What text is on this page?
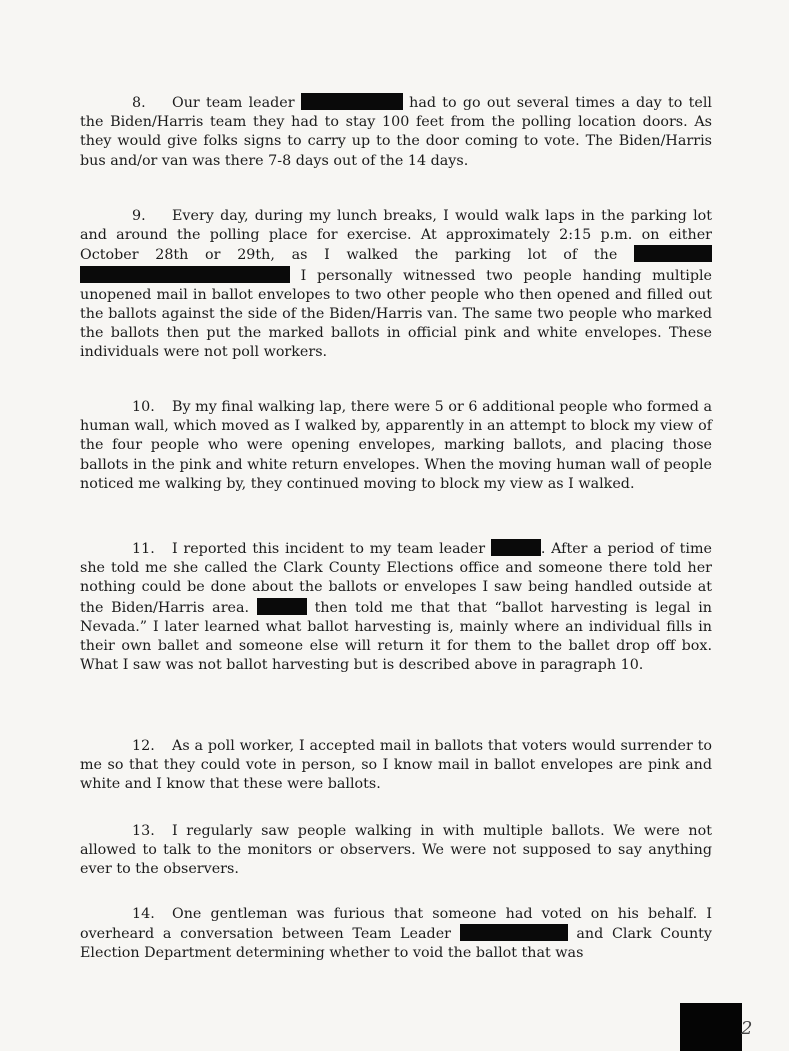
8. Our team leader	had to go out several times a day to tell the Biden/Harris team they had to stay 100 feet from the polling location doors. As they would give folks signs to carry up to the door coming to vote. The Biden/Harris bus and/or van was there 7-8 days out of the 14 days.

9. Every day, during my lunch breaks, I would walk laps in the parking lot and around the polling place for exercise. At approximately 2:15 p.m. on either October 28th or 29th, as I walked the parking lot of the   I personally witnessed two people handing multiple unopened mail in ballot envelopes to two other people who then opened and filled out the ballots against the side of the Biden/Harris van. The same two people who marked the ballots then put the marked ballots in official pink and white envelopes. These individuals were not poll workers.

10. By my final walking lap, there were 5 or 6 additional people who formed a human wall, which moved as I walked by, apparently in an attempt to block my view of the four people who were opening envelopes, marking ballots, and placing those ballots in the pink and white return envelopes. When the moving human wall of people noticed me walking by, they continued moving to block my view as I walked.

11. I reported this incident to my team leader	. After a period of time she told me she called the Clark County Elections office and someone there told her nothing could be done about the ballots or envelopes I saw being handled outside at the Biden/Harris area.	then told me that that “ballot harvesting is legal in Nevada.” I later learned what ballot harvesting is, mainly where an individual fills in their own ballet and someone else will return it for them to the ballet drop off box. What I saw was not ballot harvesting but is described above in paragraph 10.

12. As a poll worker, I accepted mail in ballots that voters would surrender to me so that they could vote in person, so I know mail in ballot envelopes are pink and white and I know that these were ballots.

13. I regularly saw people walking in with multiple ballots. We were not allowed to talk to the monitors or observers. We were not supposed to say anything ever to the observers.

14. One gentleman was furious that someone had voted on his behalf. I overheard a conversation between Team Leader	and Clark County Election Department determining whether to void the ballot that was

2
